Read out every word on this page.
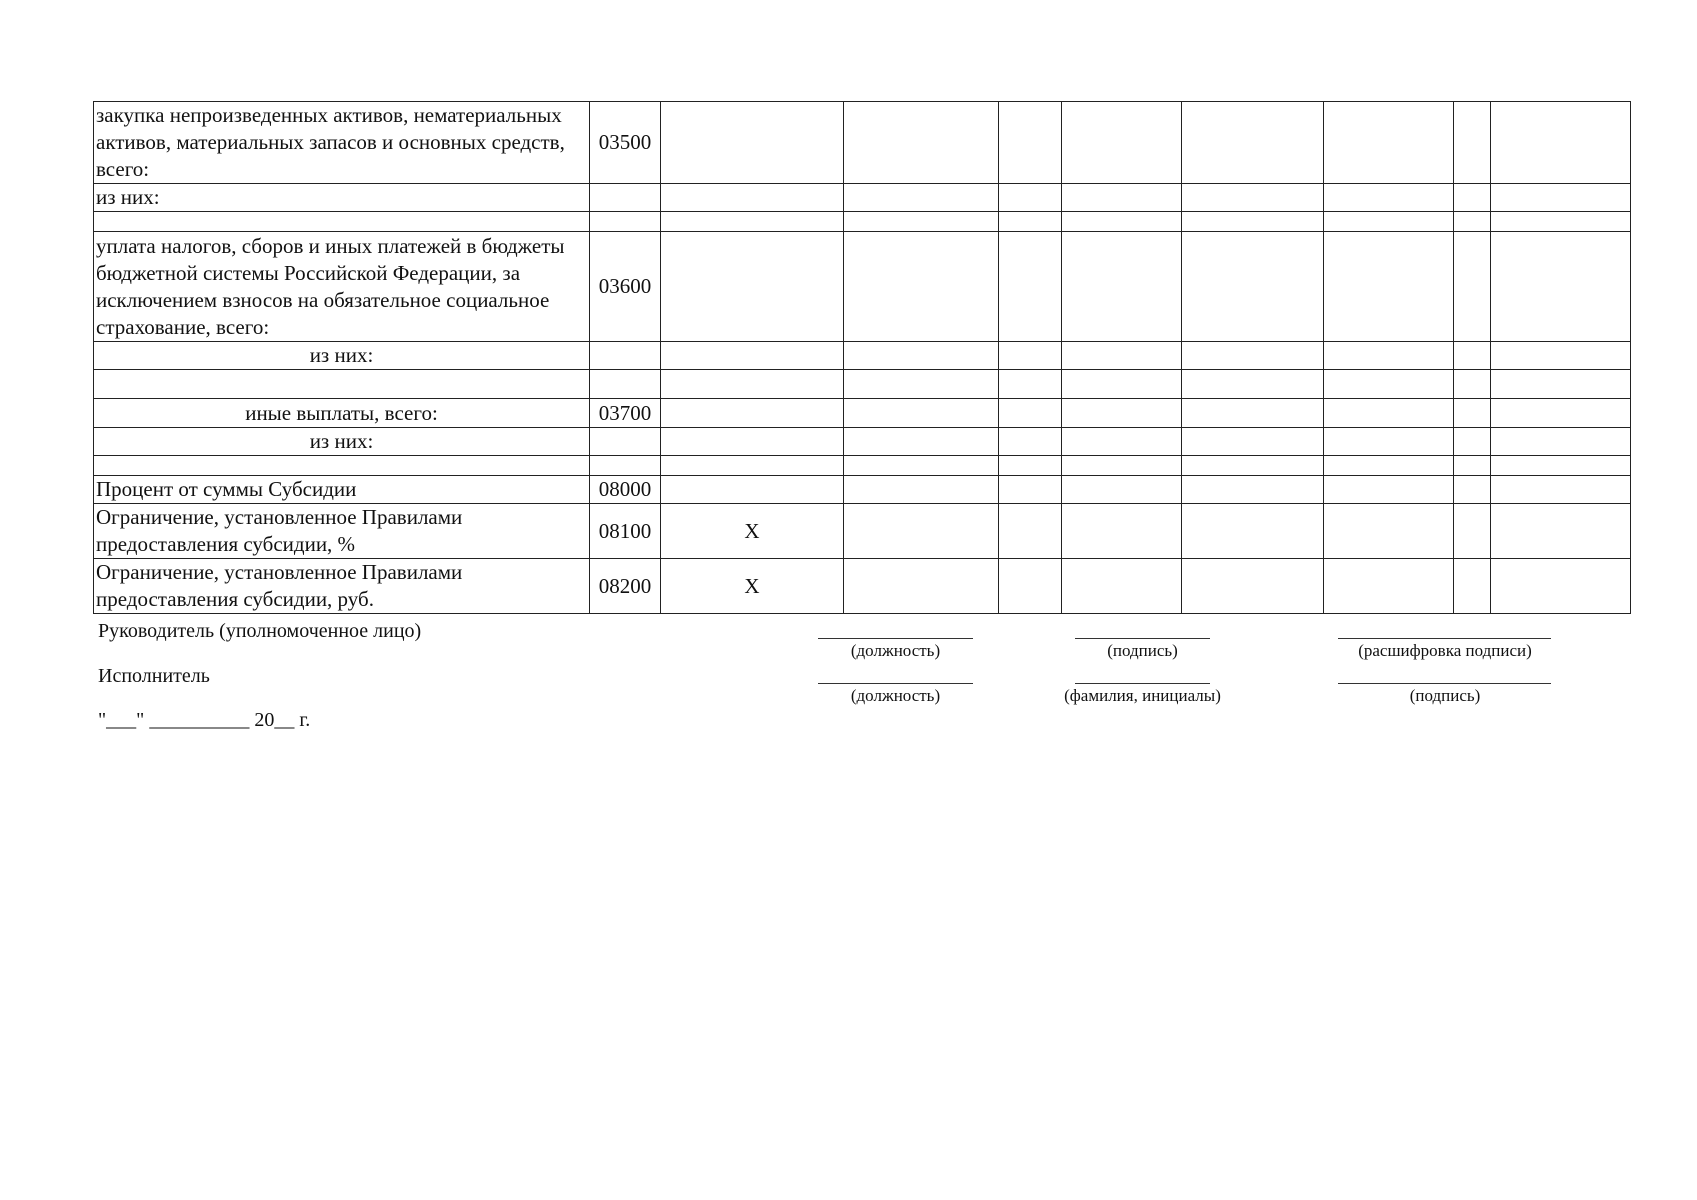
закупка непроизведенных активов, нематериальных активов, материальных запасов и основных средств, всего:	03500								
из них:									

уплата налогов, сборов и иных платежей в бюджеты бюджетной системы Российской Федерации, за исключением взносов на обязательное социальное страхование, всего:	03600								
из них:									

иные выплаты, всего:	03700								
из них:									

Процент от суммы Субсидии	08000								
Ограничение, установленное Правилами предоставления субсидии, %	08100	X							
Ограничение, установленное Правилами предоставления субсидии, руб.	08200	X							
Руководитель (уполномоченное лицо)
Исполнитель
"___" __________ 20__ г.
(должность)	(подпись)	(расшифровка подписи)
(должность)	(фамилия, инициалы)	(подпись)
